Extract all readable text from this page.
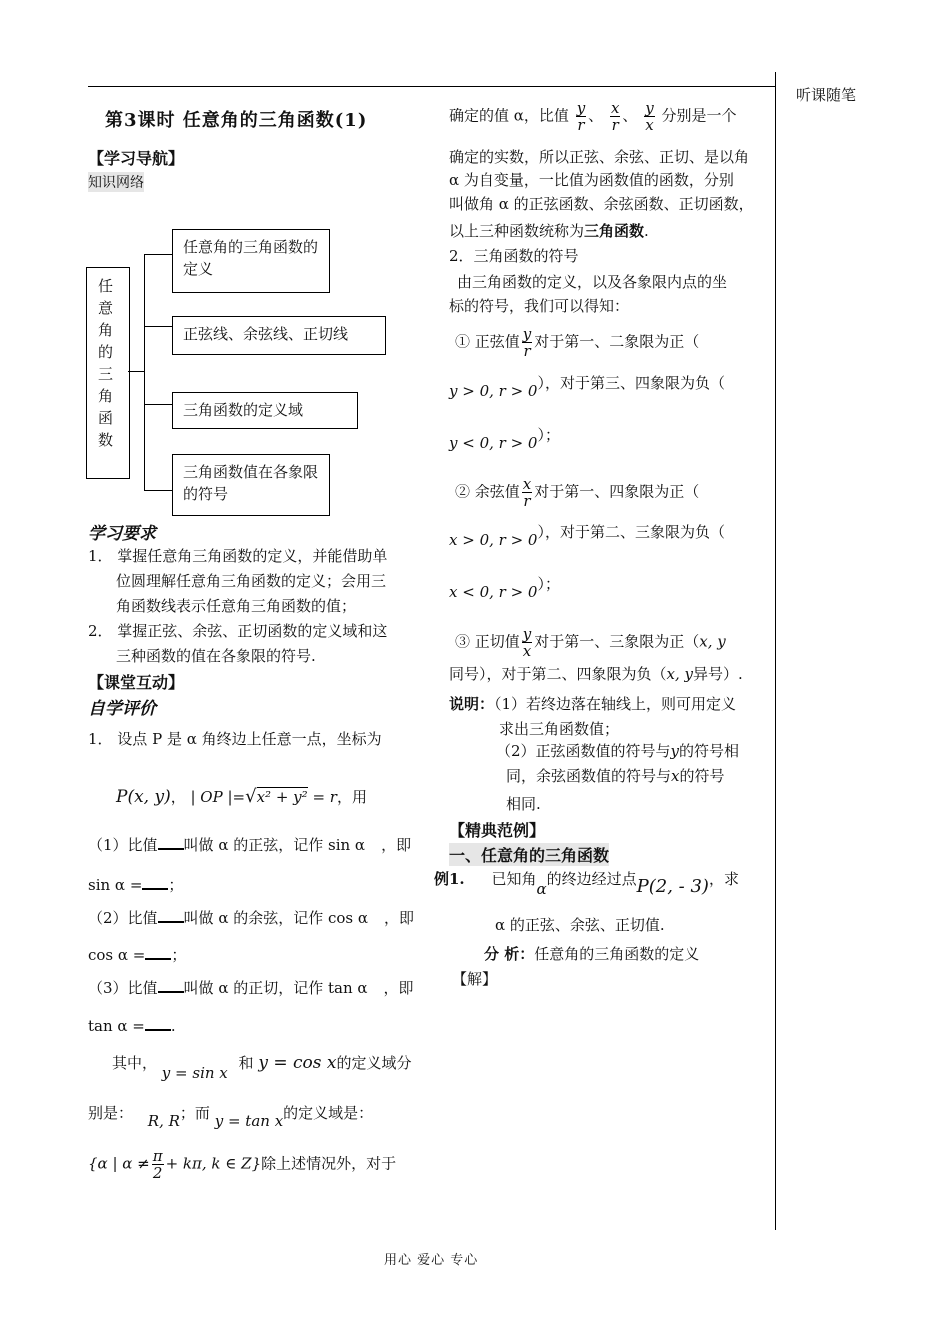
听课随笔
第3课时 任意角的三角函数(1)
【学习导航】
知识网络
任意角的三角函数
任意角的三角函数的定义
正弦线、余弦线、正切线
三角函数的定义域
三角函数值在各象限的符号
学习要求
1． 掌握任意角三角函数的定义，并能借助单
位圆理解任意角三角函数的定义；会用三
角函数线表示任意角三角函数的值；
2． 掌握正弦、余弦、正切函数的定义域和这
三种函数的值在各象限的符号.
【课堂互动】
自学评价
1． 设点 P 是 α 角终边上任意一点，坐标为
P(x, y)， | OP |=√x² + y² = r，用
（1）比值 叫做 α 的正弦，记作 sin α ，即
sin α = ；
（2）比值 叫做 α 的余弦，记作 cos α ，即
cos α = ；
（3）比值 叫做 α 的正切，记作 tan α ，即
tan α = .
其中， y = sin x 和 y = cos x的定义域分
别是： R, R；而 y = tan x的定义域是：
{α | $\alpha \ne \frac{\pi}{2} + k\pi$, k ∈ Z}除上述情况外，对于
确定的值 α，比值 $\frac{y}{r}$ 、 $\frac{x}{r}$ 、 $\frac{y}{x}$ 分别是一个
确定的实数，所以正弦、余弦、正切、是以角
α 为自变量，一比值为函数值的函数，分别
叫做角 α 的正弦函数、余弦函数、正切函数，
以上三种函数统称为三角函数.
2．三角函数的符号
由三角函数的定义，以及各象限内点的坐
标的符号，我们可以得知：
① 正弦值 $\frac{y}{r}$ 对于第一、二象限为正（
y > 0, r > 0），对于第三、四象限为负（
y < 0, r > 0）；
② 余弦值 $\frac{x}{r}$ 对于第一、四象限为正（
x > 0, r > 0），对于第二、三象限为负（
x < 0, r > 0）；
③ 正切值 $\frac{y}{x}$ 对于第一、三象限为正（x, y
同号），对于第二、四象限为负（x, y异号）.
说明：（1）若终边落在轴线上，则可用定义
求出三角函数值；
（2）正弦函数值的符号与y的符号相
同，余弦函数值的符号与x的符号
相同.
【精典范例】
一、任意角的三角函数
例1. 已知角α的终边经过点P(2, - 3)，求
α 的正弦、余弦、正切值.
分 析：任意角的三角函数的定义
【解】
用心 爱心 专心
